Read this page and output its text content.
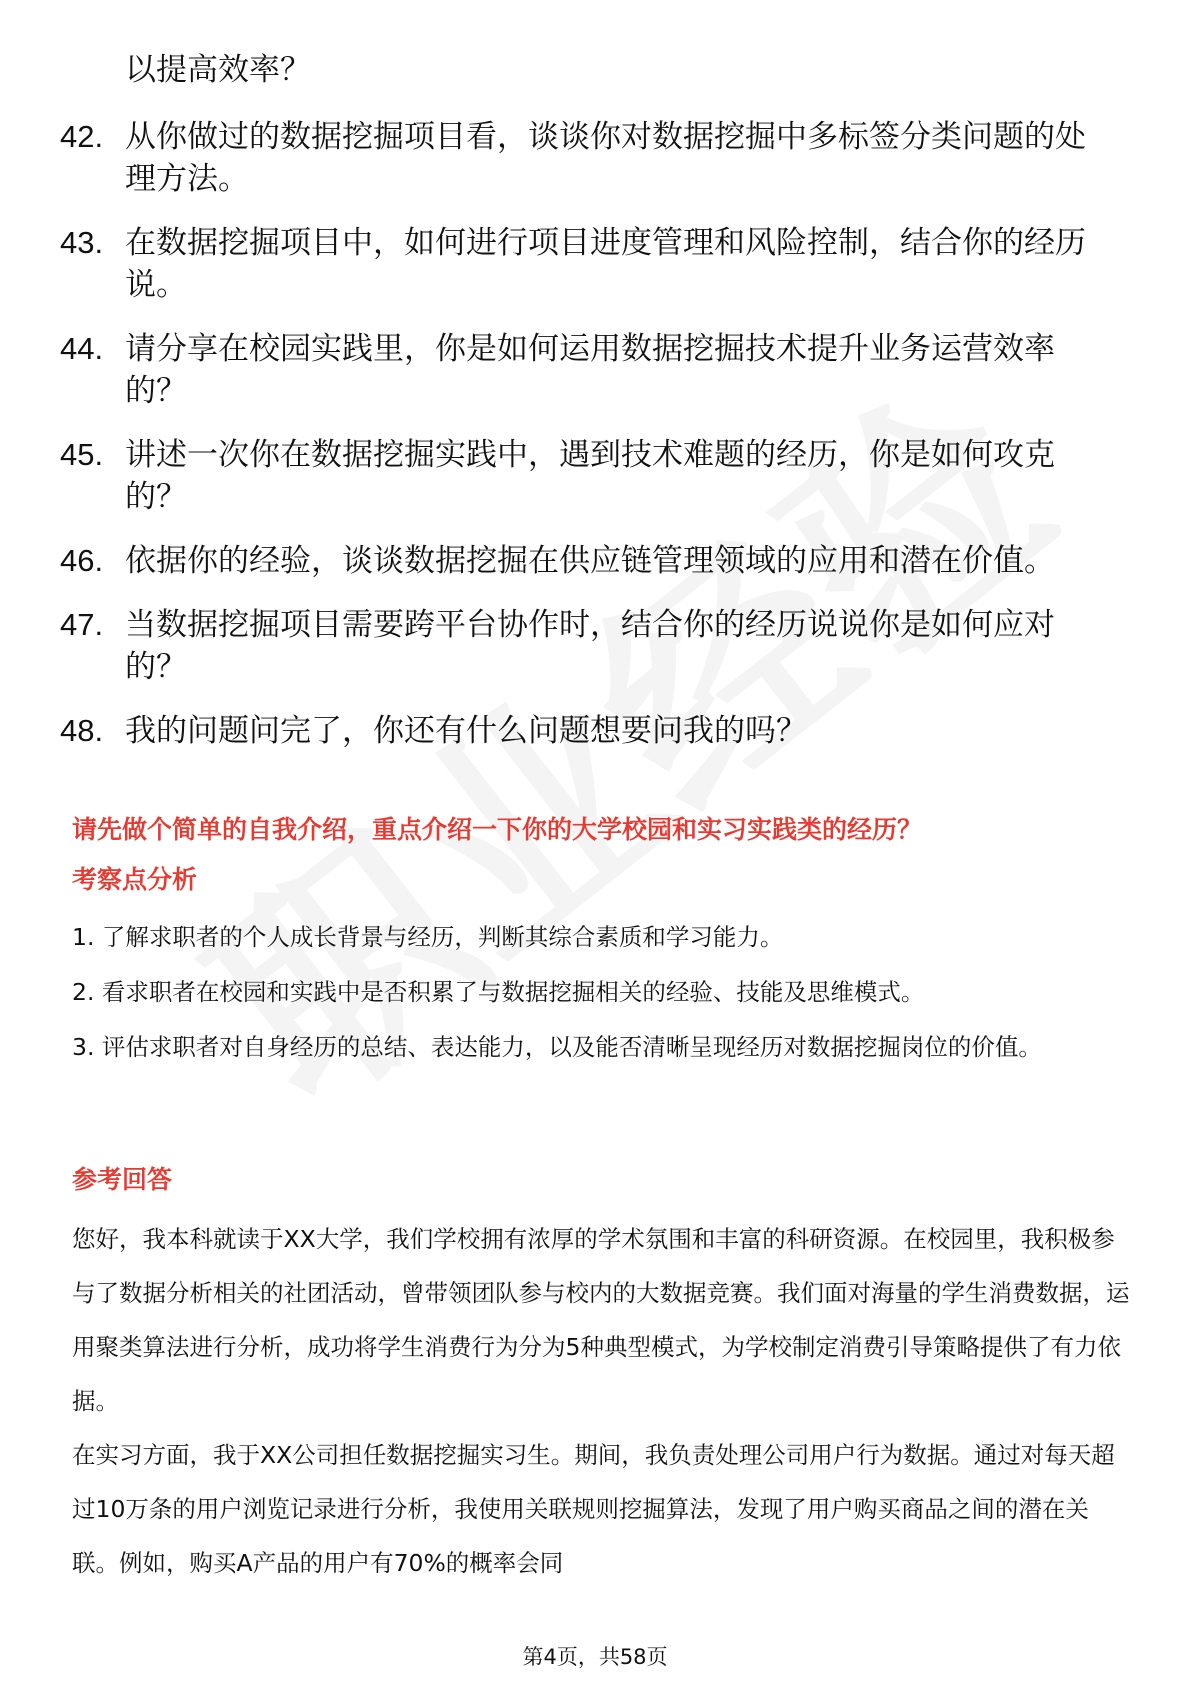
以提高效率？

42. 从你做过的数据挖掘项目看，谈谈你对数据挖掘中多标签分类问题的处理方法。
43. 在数据挖掘项目中，如何进行项目进度管理和风险控制，结合你的经历说。
44. 请分享在校园实践里，你是如何运用数据挖掘技术提升业务运营效率的？
45. 讲述一次你在数据挖掘实践中，遇到技术难题的经历，你是如何攻克的？
46. 依据你的经验，谈谈数据挖掘在供应链管理领域的应用和潜在价值。
47. 当数据挖掘项目需要跨平台协作时，结合你的经历说说你是如何应对的？
48. 我的问题问完了，你还有什么问题想要问我的吗？
请先做个简单的自我介绍，重点介绍一下你的大学校园和实习实践类的经历？
考察点分析

1. 了解求职者的个人成长背景与经历，判断其综合素质和学习能力。

2. 看求职者在校园和实践中是否积累了与数据挖掘相关的经验、技能及思维模式。

3. 评估求职者对自身经历的总结、表达能力，以及能否清晰呈现经历对数据挖掘岗位的价值。

参考回答

您好，我本科就读于XX大学，我们学校拥有浓厚的学术氛围和丰富的科研资源。在校园里，我积极参与了数据分析相关的社团活动，曾带领团队参与校内的大数据竞赛。我们面对海量的学生消费数据，运用聚类算法进行分析，成功将学生消费行为分为5种典型模式，为学校制定消费引导策略提供了有力依据。

在实习方面，我于XX公司担任数据挖掘实习生。期间，我负责处理公司用户行为数据。通过对每天超过10万条的用户浏览记录进行分析，我使用关联规则挖掘算法，发现了用户购买商品之间的潜在关联。例如，购买A产品的用户有70%的概率会同

第4页，共58页
